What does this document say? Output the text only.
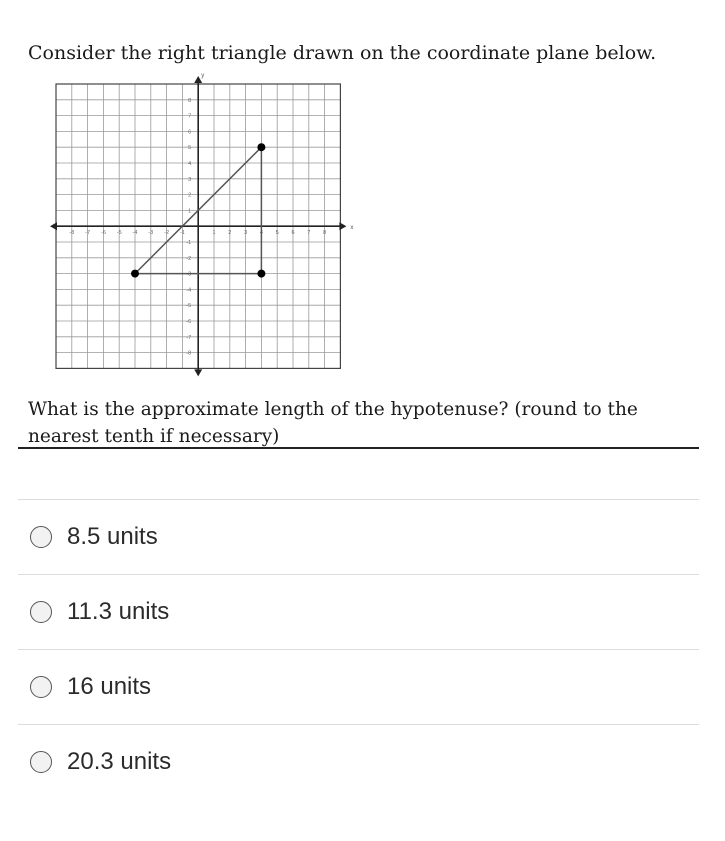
Consider the right triangle drawn on the coordinate plane below.

x
y
-8 -7 -6 -5 -4 -3 -2 -1	1 2 3 4 5 6 7 8
8
7
6
5
4
3
2
1
-1
-2
-3
-4
-5
-6
-7
-8

What is the approximate length of the hypotenuse? (round to the nearest tenth if necessary)

8.5 units
11.3 units
16 units
20.3 units
